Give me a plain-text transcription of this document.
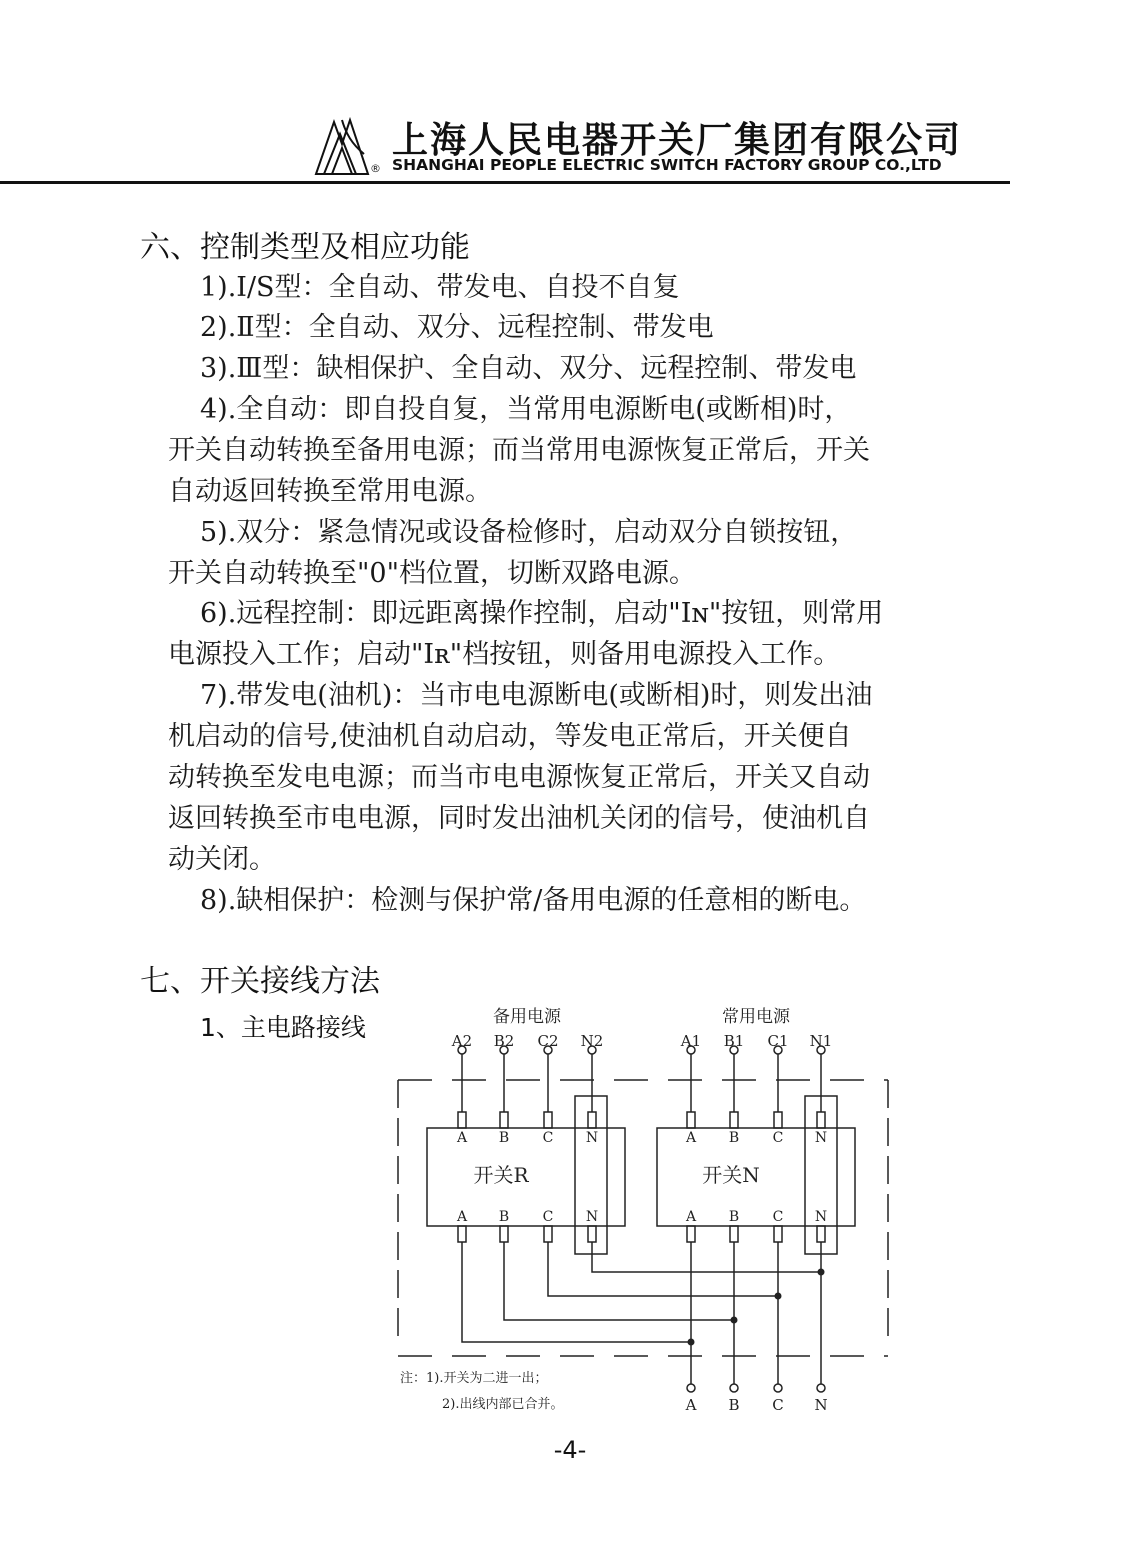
®
上海人民电器开关厂集团有限公司
SHANGHAI PEOPLE ELECTRIC SWITCH FACTORY GROUP CO.,LTD
六、控制类型及相应功能
1).Ⅰ/S型：全自动、带发电、自投不自复
2).Ⅱ型：全自动、双分、远程控制、带发电
3).Ⅲ型：缺相保护、全自动、双分、远程控制、带发电
4).全自动：即自投自复，当常用电源断电(或断相)时，
开关自动转换至备用电源；而当常用电源恢复正常后，开关
自动返回转换至常用电源。
5).双分：紧急情况或设备检修时，启动双分自锁按钮，
开关自动转换至"0"档位置，切断双路电源。
6).远程控制：即远距离操作控制，启动"Iɴ"按钮，则常用
电源投入工作；启动"Iʀ"档按钮，则备用电源投入工作。
7).带发电(油机)：当市电电源断电(或断相)时，则发出油
机启动的信号,使油机自动启动，等发电正常后，开关便自
动转换至发电电源；而当市电电源恢复正常后，开关又自动
返回转换至市电电源，同时发出油机关闭的信号，使油机自
动关闭。
8).缺相保护：检测与保护常/备用电源的任意相的断电。
七、开关接线方法
1、主电路接线	备用电源	常用电源
A2 B2 C2 N2	A1 B1 C1 N1
A B C N	A B C N
A B C N	A B C N
开关R	开关N
A B C N
注：1).开关为二进一出；
2).出线内部已合并。
-4-
